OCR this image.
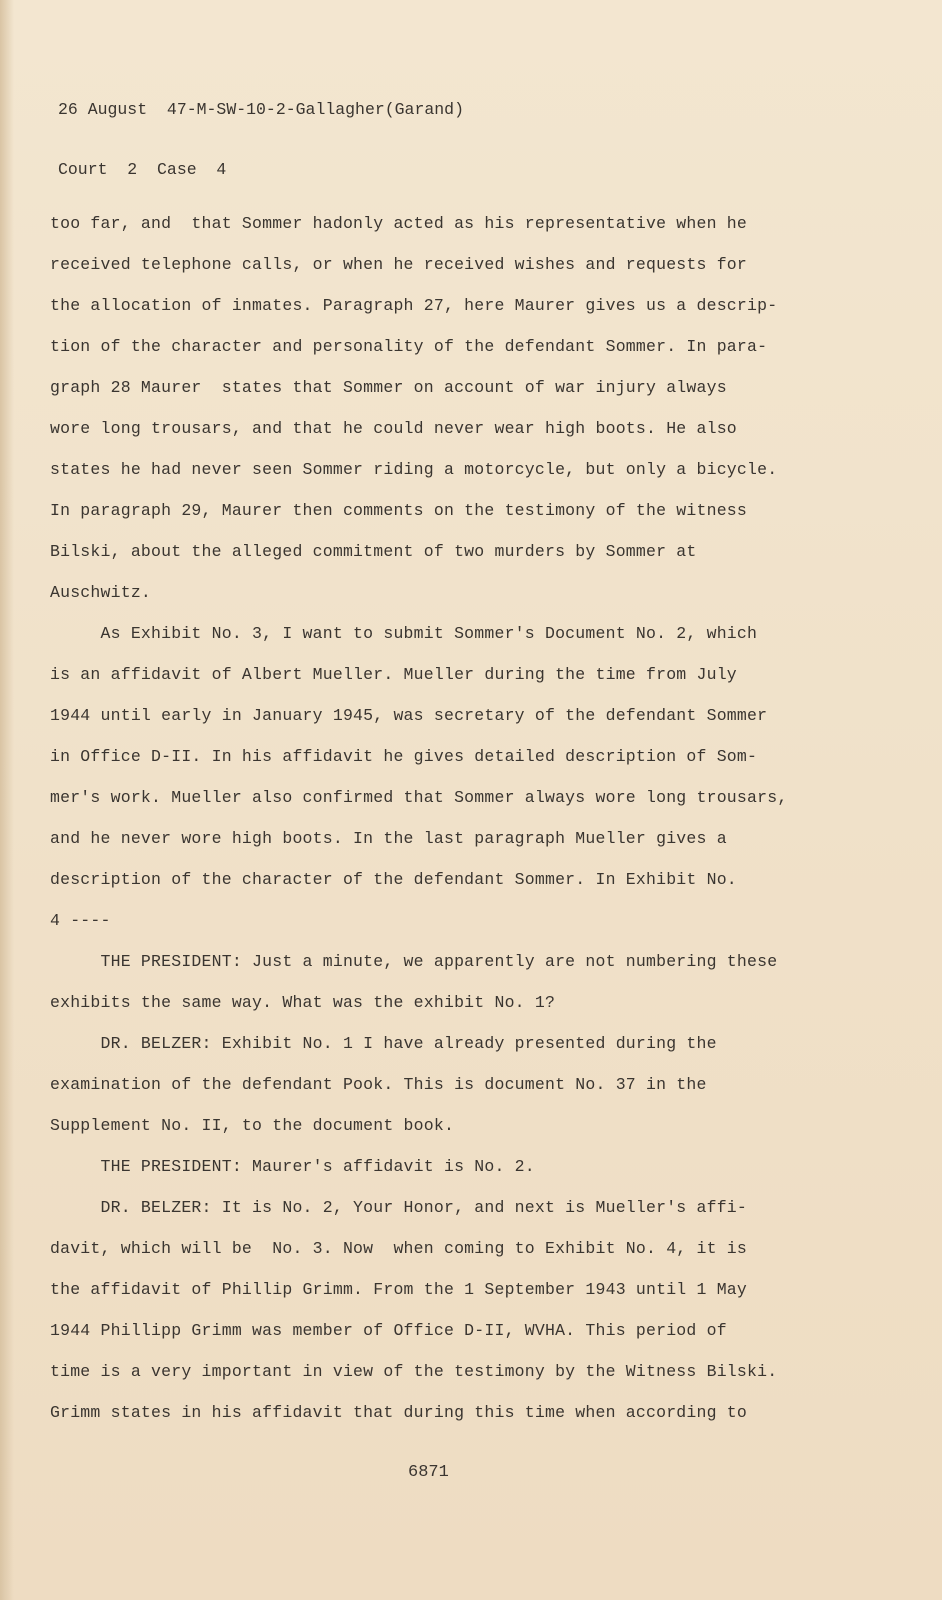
26 August  47-M-SW-10-2-Gallagher(Garand)

Court  2  Case  4

too far, and  that Sommer hadonly acted as his representative when he
received telephone calls, or when he received wishes and requests for
the allocation of inmates. Paragraph 27, here Maurer gives us a descrip-
tion of the character and personality of the defendant Sommer. In para-
graph 28 Maurer  states that Sommer on account of war injury always
wore long trousars, and that he could never wear high boots. He also
states he had never seen Sommer riding a motorcycle, but only a bicycle.
In paragraph 29, Maurer then comments on the testimony of the witness
Bilski, about the alleged commitment of two murders by Sommer at
Auschwitz.
As Exhibit No. 3, I want to submit Sommer's Document No. 2, which
is an affidavit of Albert Mueller. Mueller during the time from July
1944 until early in January 1945, was secretary of the defendant Sommer
in Office D-II. In his affidavit he gives detailed description of Som-
mer's work. Mueller also confirmed that Sommer always wore long trousars,
and he never wore high boots. In the last paragraph Mueller gives a
description of the character of the defendant Sommer. In Exhibit No.
4 ----
THE PRESIDENT: Just a minute, we apparently are not numbering these
exhibits the same way. What was the exhibit No. 1?
DR. BELZER: Exhibit No. 1 I have already presented during the
examination of the defendant Pook. This is document No. 37 in the
Supplement No. II, to the document book.
THE PRESIDENT: Maurer's affidavit is No. 2.
DR. BELZER: It is No. 2, Your Honor, and next is Mueller's affi-
davit, which will be  No. 3. Now  when coming to Exhibit No. 4, it is
the affidavit of Phillip Grimm. From the 1 September 1943 until 1 May
1944 Phillipp Grimm was member of Office D-II, WVHA. This period of
time is a very important in view of the testimony by the Witness Bilski.
Grimm states in his affidavit that during this time when according to
6871
